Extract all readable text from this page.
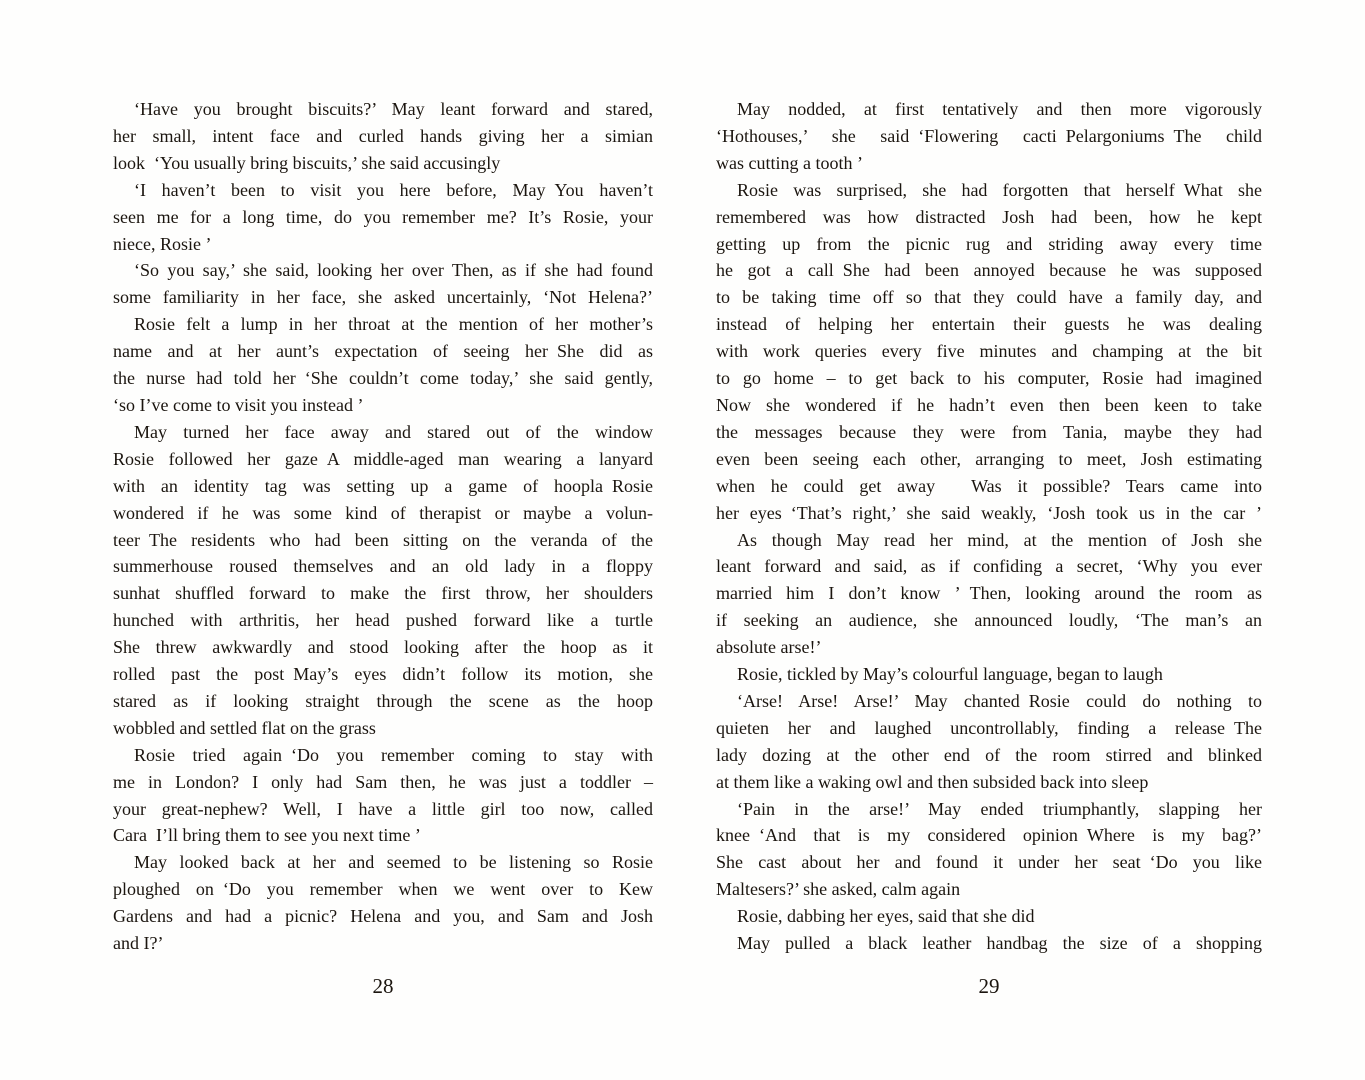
‘Have you brought biscuits?’ May leant forward and stared,
her small, intent face and curled hands giving her a simian
look ‘You usually bring biscuits,’ she said accusingly
‘I haven’t been to visit you here before, May You haven’t
seen me for a long time, do you remember me? It’s Rosie, your
niece, Rosie ’
‘So you say,’ she said, looking her over Then, as if she had found
some familiarity in her face, she asked uncertainly, ‘Not Helena?’
Rosie felt a lump in her throat at the mention of her mother’s
name and at her aunt’s expectation of seeing her She did as
the nurse had told her ‘She couldn’t come today,’ she said gently,
‘so I’ve come to visit you instead ’
May turned her face away and stared out of the window
Rosie followed her gaze A middle-aged man wearing a lanyard
with an identity tag was setting up a game of hoopla Rosie
wondered if he was some kind of therapist or maybe a volun-
teer The residents who had been sitting on the veranda of the
summerhouse roused themselves and an old lady in a floppy
sunhat shuffled forward to make the first throw, her shoulders
hunched with arthritis, her head pushed forward like a turtle
She threw awkwardly and stood looking after the hoop as it
rolled past the post May’s eyes didn’t follow its motion, she
stared as if looking straight through the scene as the hoop
wobbled and settled flat on the grass
Rosie tried again ‘Do you remember coming to stay with
me in London? I only had Sam then, he was just a toddler –
your great-nephew? Well, I have a little girl too now, called
Cara I’ll bring them to see you next time ’
May looked back at her and seemed to be listening so Rosie
ploughed on ‘Do you remember when we went over to Kew
Gardens and had a picnic? Helena and you, and Sam and Josh
and I?’
28
May nodded, at first tentatively and then more vigorously
‘Hothouses,’ she said ‘Flowering cacti Pelargoniums The child
was cutting a tooth ’
Rosie was surprised, she had forgotten that herself What she
remembered was how distracted Josh had been, how he kept
getting up from the picnic rug and striding away every time
he got a call She had been annoyed because he was supposed
to be taking time off so that they could have a family day, and
instead of helping her entertain their guests he was dealing
with work queries every five minutes and champing at the bit
to go home – to get back to his computer, Rosie had imagined
Now she wondered if he hadn’t even then been keen to take
the messages because they were from Tania, maybe they had
even been seeing each other, arranging to meet, Josh estimating
when he could get away  Was it possible? Tears came into
her eyes ‘That’s right,’ she said weakly, ‘Josh took us in the car ’
As though May read her mind, at the mention of Josh she
leant forward and said, as if confiding a secret, ‘Why you ever
married him I don’t know ’ Then, looking around the room as
if seeking an audience, she announced loudly, ‘The man’s an
absolute arse!’
Rosie, tickled by May’s colourful language, began to laugh
‘Arse! Arse! Arse!’ May chanted Rosie could do nothing to
quieten her and laughed uncontrollably, finding a release The
lady dozing at the other end of the room stirred and blinked
at them like a waking owl and then subsided back into sleep
‘Pain in the arse!’ May ended triumphantly, slapping her
knee ‘And that is my considered opinion Where is my bag?’
She cast about her and found it under her seat ‘Do you like
Maltesers?’ she asked, calm again
Rosie, dabbing her eyes, said that she did
May pulled a black leather handbag the size of a shopping
29
